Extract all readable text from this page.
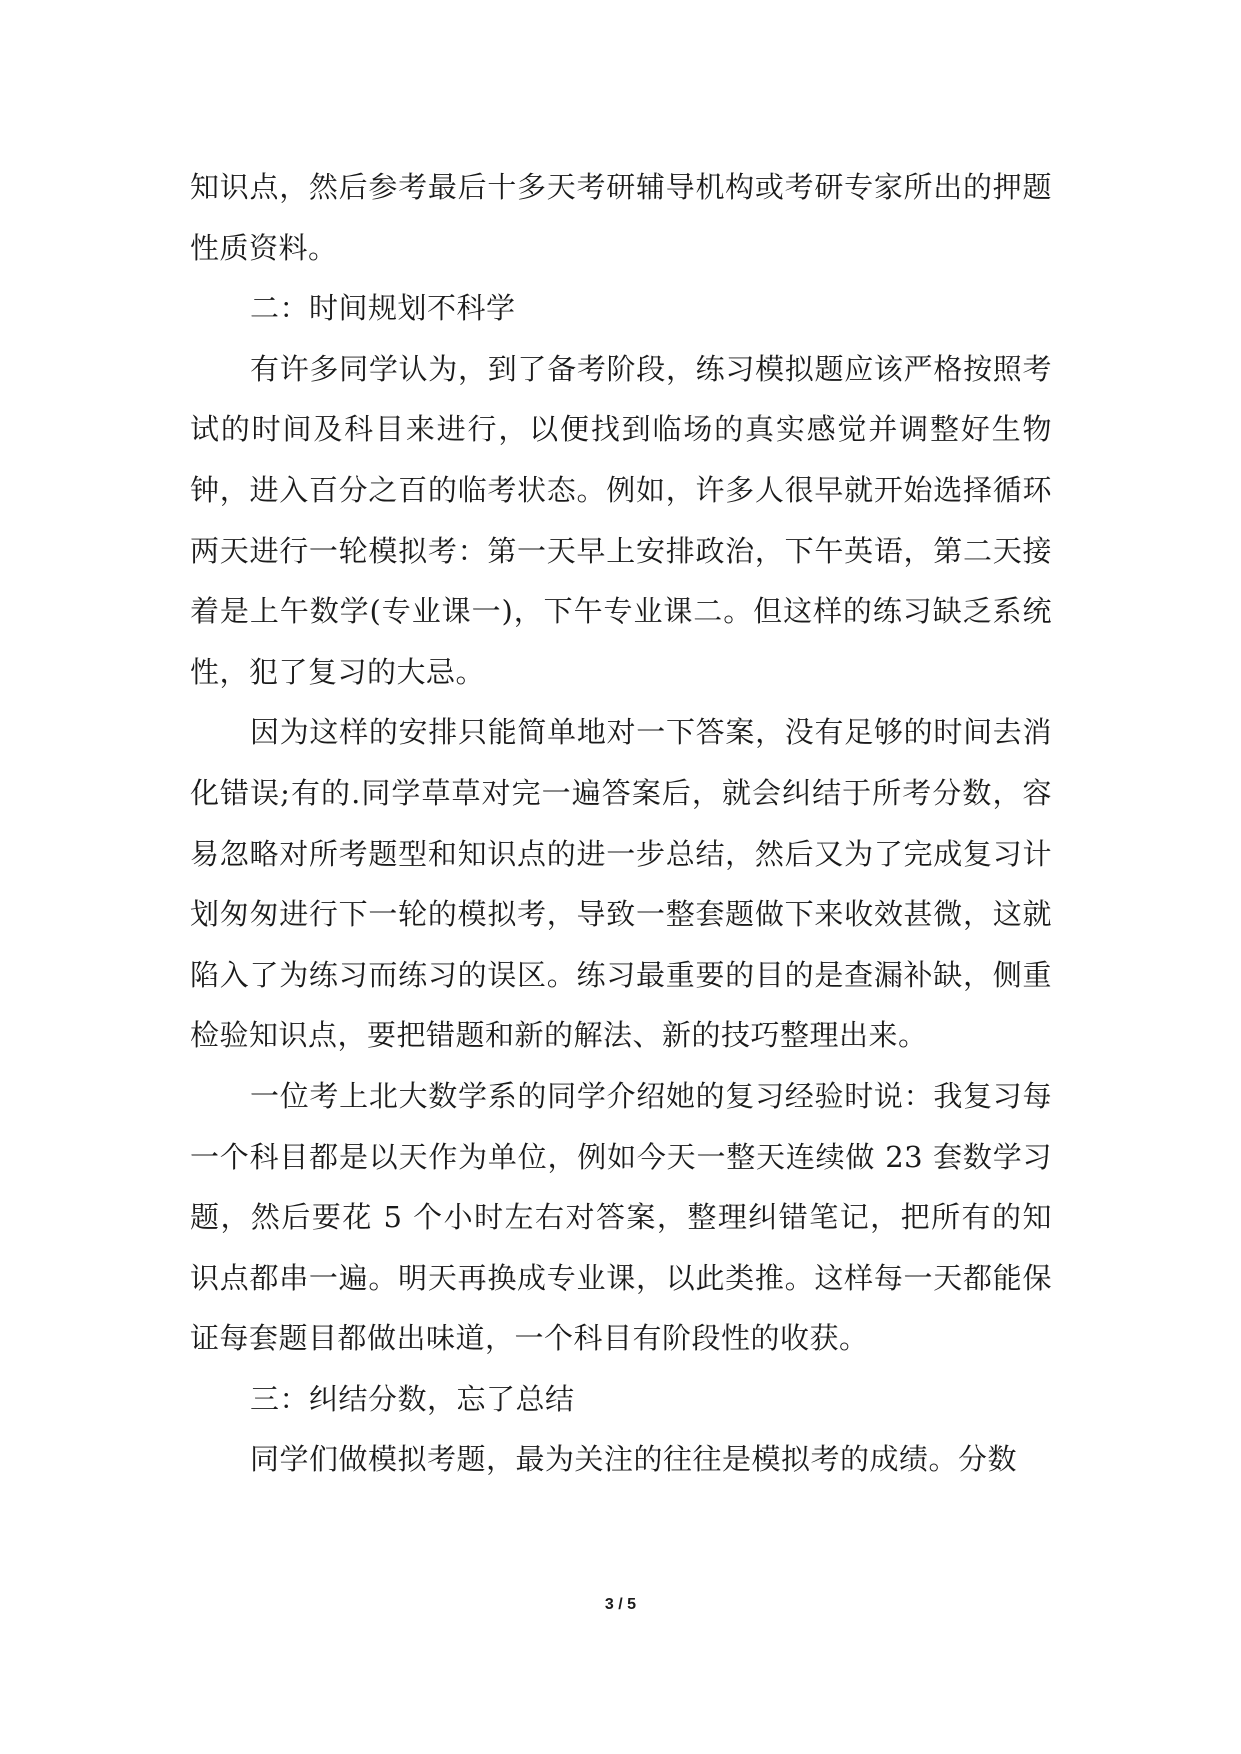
知识点，然后参考最后十多天考研辅导机构或考研专家所出的押题性质资料。

二：时间规划不科学

有许多同学认为，到了备考阶段，练习模拟题应该严格按照考试的时间及科目来进行，以便找到临场的真实感觉并调整好生物钟，进入百分之百的临考状态。例如，许多人很早就开始选择循环两天进行一轮模拟考：第一天早上安排政治，下午英语，第二天接着是上午数学(专业课一)，下午专业课二。但这样的练习缺乏系统性，犯了复习的大忌。

因为这样的安排只能简单地对一下答案，没有足够的时间去消化错误;有的.同学草草对完一遍答案后，就会纠结于所考分数，容易忽略对所考题型和知识点的进一步总结，然后又为了完成复习计划匆匆进行下一轮的模拟考，导致一整套题做下来收效甚微，这就陷入了为练习而练习的误区。练习最重要的目的是查漏补缺，侧重检验知识点，要把错题和新的解法、新的技巧整理出来。

一位考上北大数学系的同学介绍她的复习经验时说：我复习每一个科目都是以天作为单位，例如今天一整天连续做 23 套数学习题，然后要花 5 个小时左右对答案，整理纠错笔记，把所有的知识点都串一遍。明天再换成专业课，以此类推。这样每一天都能保证每套题目都做出味道，一个科目有阶段性的收获。

三：纠结分数，忘了总结

同学们做模拟考题，最为关注的往往是模拟考的成绩。分数

3 / 5
